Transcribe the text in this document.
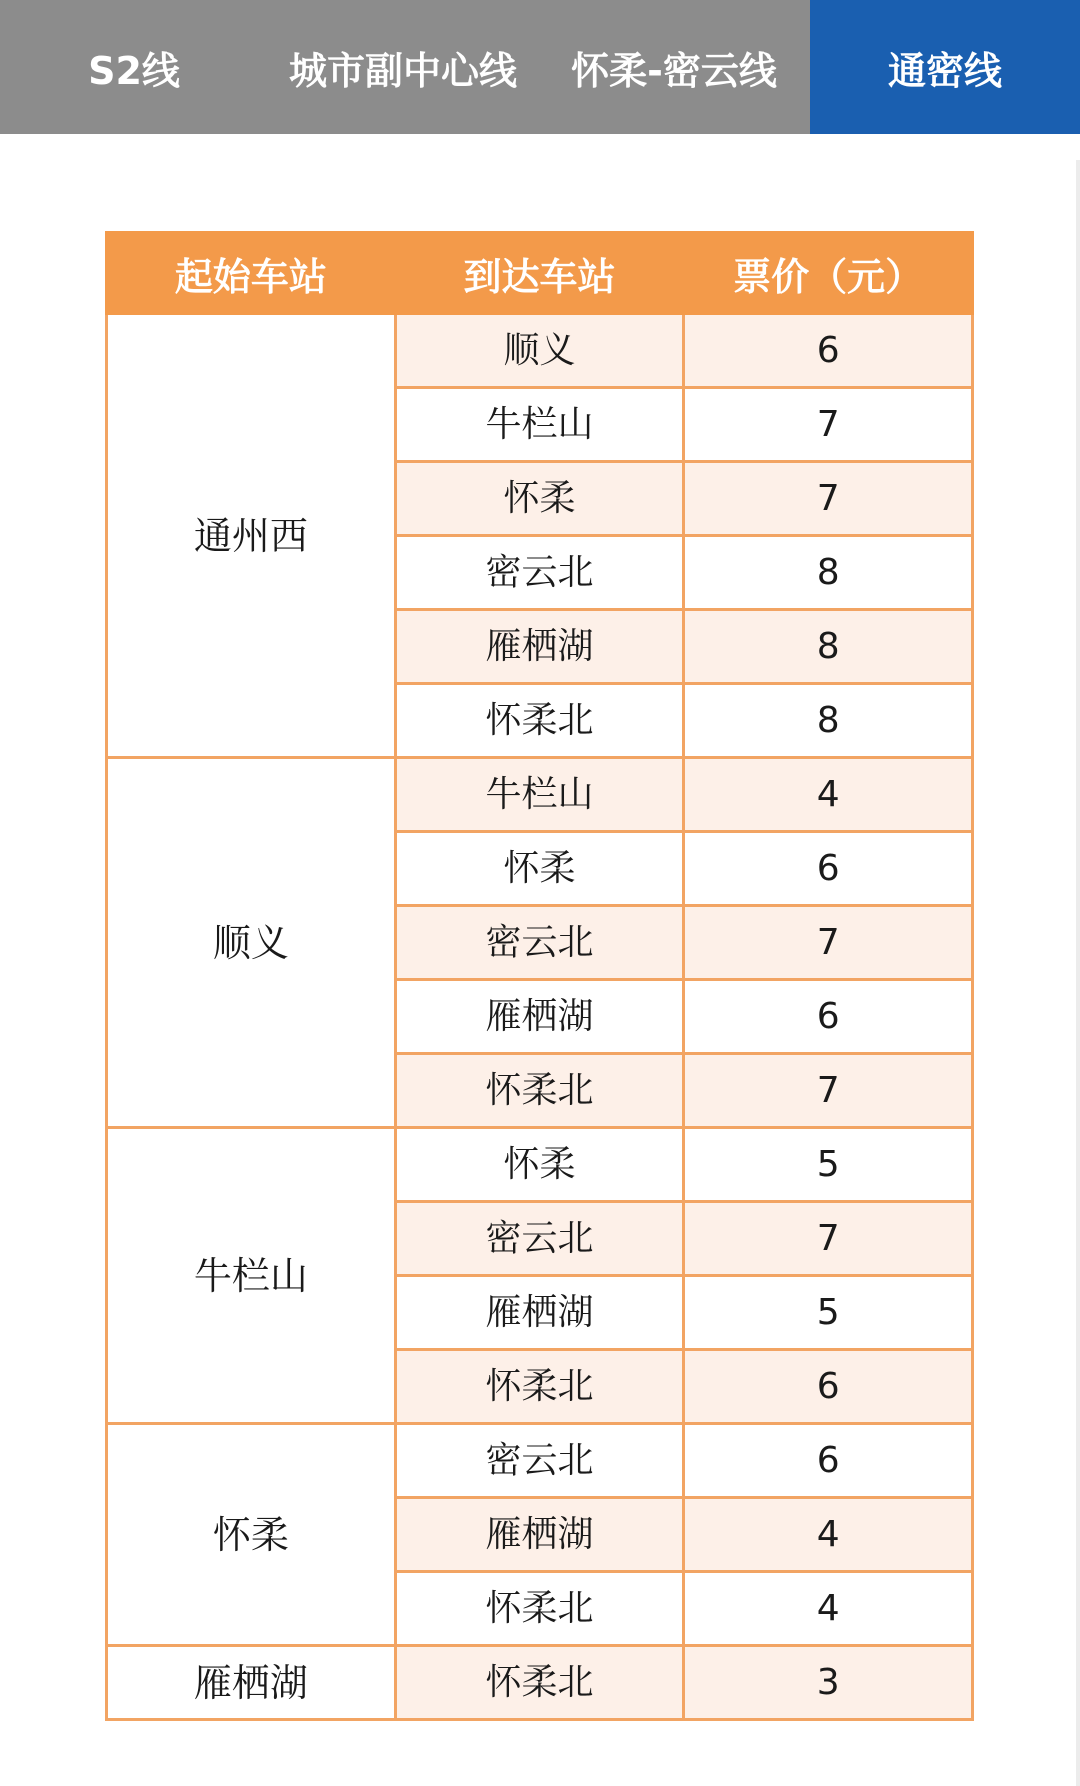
S2线	城市副中心线	怀柔-密云线	通密线
起始车站	到达车站	票价（元）
通州西	顺义	6
	牛栏山	7
	怀柔	7
	密云北	8
	雁栖湖	8
	怀柔北	8
顺义	牛栏山	4
	怀柔	6
	密云北	7
	雁栖湖	6
	怀柔北	7
牛栏山	怀柔	5
	密云北	7
	雁栖湖	5
	怀柔北	6
怀柔	密云北	6
	雁栖湖	4
	怀柔北	4
雁栖湖	怀柔北	3
